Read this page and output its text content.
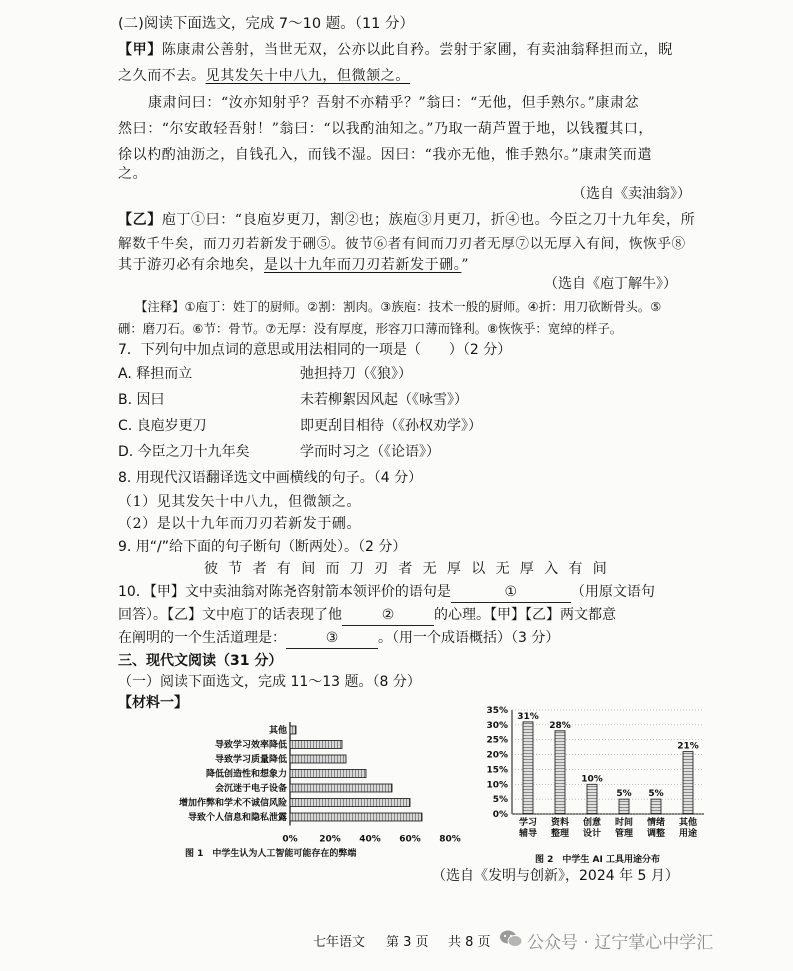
(二)阅读下面选文，完成 7～10 题。（11 分）
【甲】陈康肃公善射，当世无双，公亦以此自矜。尝射于家圃，有卖油翁释担而立，睨
之久而不去。见其发矢十中八九，但微颔之。
康肃问曰：“汝亦知射乎？吾射不亦精乎？”翁曰：“无他，但手熟尔。”康肃忿
然曰：“尔安敢轻吾射！”翁曰：“以我酌油知之。”乃取一葫芦置于地，以钱覆其口，
徐以杓酌油沥之，自钱孔入，而钱不湿。因曰：“我亦无他，惟手熟尔。”康肃笑而遣
之。
（选自《卖油翁》）
【乙】庖丁①曰：“良庖岁更刀，割②也；族庖③月更刀，折④也。今臣之刀十九年矣，所
解数千牛矣，而刀刃若新发于硎⑤。彼节⑥者有间而刀刃者无厚⑦以无厚入有间，恢恢乎⑧
其于游刃必有余地矣，是以十九年而刀刃若新发于硎。”
（选自《庖丁解牛》）
【注释】①庖丁：姓丁的厨师。②割：割肉。③族庖：技术一般的厨师。④折：用刀砍断骨头。⑤
硎：磨刀石。⑥节：骨节。⑦无厚：没有厚度，形容刀口薄而锋利。⑧恢恢乎：宽绰的样子。
7．下列句中加点词的意思或用法相同的一项是（　　）（2 分）
A. 释担而立	弛担持刀（《狼》）
B. 因曰	未若柳絮因风起（《咏雪》）
C. 良庖岁更刀	即更刮目相待（《孙权劝学》）
D. 今臣之刀十九年矣	学而时习之（《论语》）
8. 用现代汉语翻译选文中画横线的句子。（4 分）
（1）见其发矢十中八九，但微颔之。
（2）是以十九年而刀刃若新发于硎。
9. 用“/”给下面的句子断句（断两处）。（2 分）
彼节者有间而刀刃者无厚以无厚入有间
10．【甲】文中卖油翁对陈尧咨射箭本领评价的语句是	①	（用原文语句
回答）。【乙】文中庖丁的话表现了他	②	的心理。【甲】【乙】两文都意
在阐明的一个生活道理是：	③	。（用一个成语概括）（3 分）
三、现代文阅读（31 分）
（一）阅读下面选文，完成 11～13 题。（8 分）
【材料一】
其他
导致学习效率降低
导致学习质量降低
降低创造性和想象力
会沉迷于电子设备
增加作弊和学术不诚信风险
导致个人信息和隐私泄露
0% 20% 40% 60% 80%
图 1　中学生认为人工智能可能存在的弊端
35%
30%
25%
20%
15%
10%
5%
0%
31%
学习
辅导
28%
资料
整理
10%
创意
设计
5%
时间
管理
5%
情绪
调整
21%
其他
用途
图 2　中学生 AI 工具用途分布
（选自《发明与创新》，2024 年 5 月）
七年语文 第 3 页 共 8 页 公众号 · 辽宁掌心中学汇
